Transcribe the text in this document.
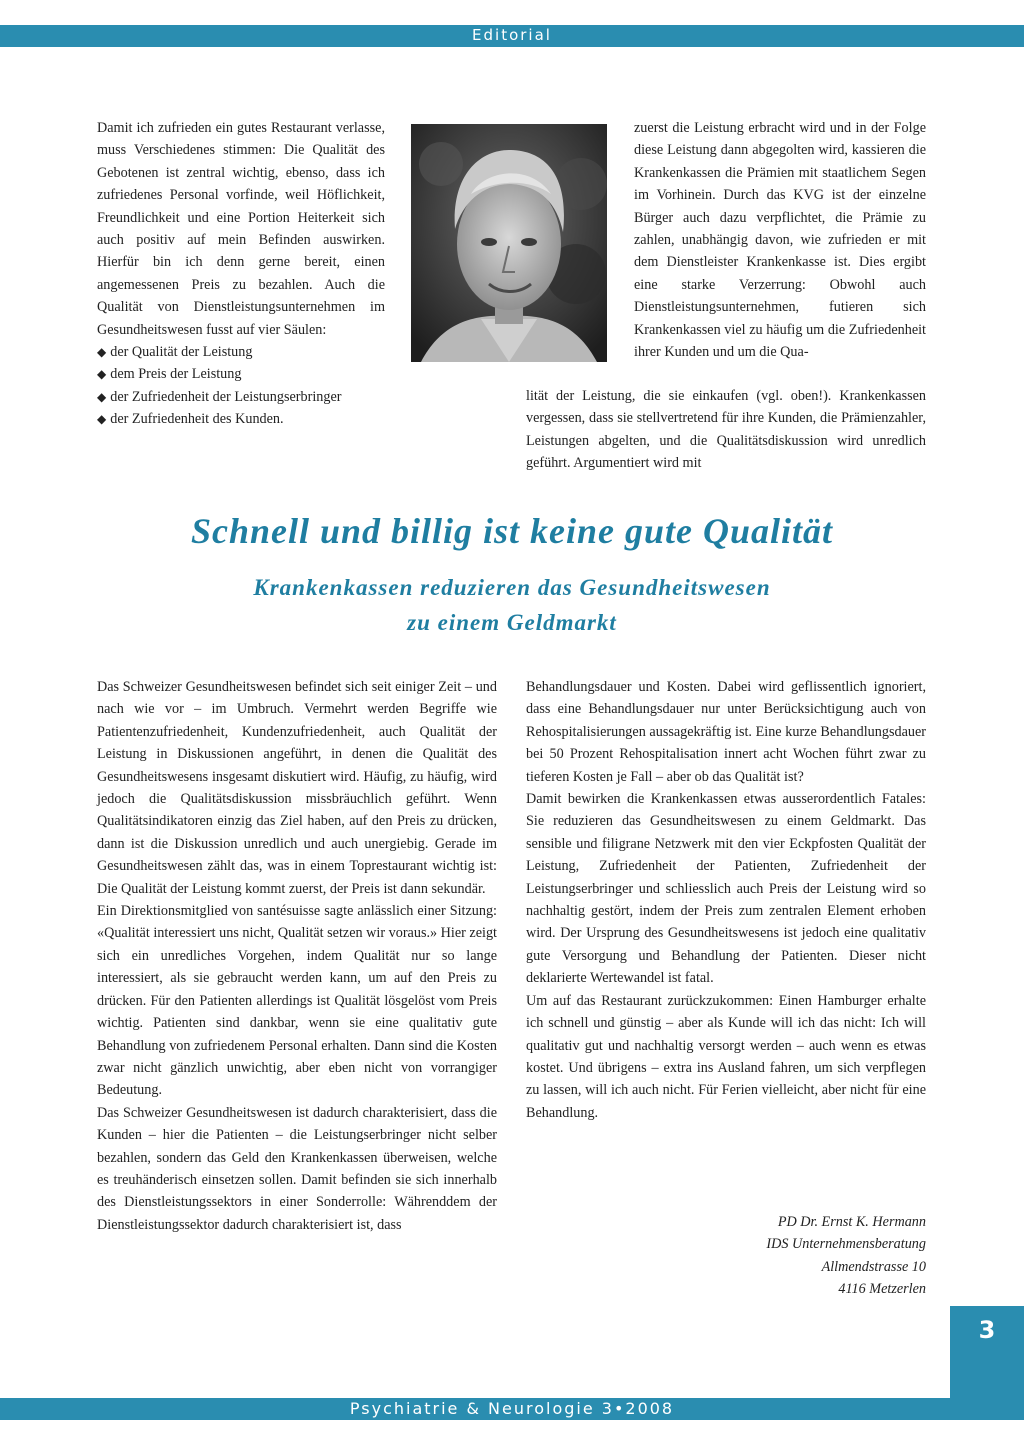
Editorial

Damit ich zufrieden ein gutes Restaurant verlasse, muss Verschiedenes stimmen: Die Qualität des Gebotenen ist zentral wichtig, ebenso, dass ich zufriedenes Personal vorfinde, weil Höflichkeit, Freundlichkeit und eine Portion Heiterkeit sich auch positiv auf mein Befinden auswirken. Hierfür bin ich denn gerne bereit, einen angemessenen Preis zu bezahlen. Auch die Qualität von Dienstleistungsunternehmen im Gesundheitswesen fusst auf vier Säulen:

◆ der Qualität der Leistung
◆ dem Preis der Leistung
◆ der Zufriedenheit der Leistungserbringer
◆ der Zufriedenheit des Kunden.

zuerst die Leistung erbracht wird und in der Folge diese Leistung dann abgegolten wird, kassieren die Krankenkassen die Prämien mit staatlichem Segen im Vorhinein. Durch das KVG ist der einzelne Bürger auch dazu verpflichtet, die Prämie zu zahlen, unabhängig davon, wie zufrieden er mit dem Dienstleister Krankenkasse ist. Dies ergibt eine starke Verzerrung: Obwohl auch Dienstleistungsunternehmen, futieren sich Krankenkassen viel zu häufig um die Zufriedenheit ihrer Kunden und um die Qua-

lität der Leistung, die sie einkaufen (vgl. oben!). Krankenkassen vergessen, dass sie stellvertretend für ihre Kunden, die Prämienzahler, Leistungen abgelten, und die Qualitätsdiskussion wird unredlich geführt. Argumentiert wird mit

Schnell und billig ist keine gute Qualität
Krankenkassen reduzieren das Gesundheitswesen
zu einem Geldmarkt

Das Schweizer Gesundheitswesen befindet sich seit einiger Zeit – und nach wie vor – im Umbruch. Vermehrt werden Begriffe wie Patientenzufriedenheit, Kundenzufriedenheit, auch Qualität der Leistung in Diskussionen angeführt, in denen die Qualität des Gesundheitswesens insgesamt diskutiert wird. Häufig, zu häufig, wird jedoch die Qualitätsdiskussion missbräuchlich geführt. Wenn Qualitätsindikatoren einzig das Ziel haben, auf den Preis zu drücken, dann ist die Diskussion unredlich und auch unergiebig. Gerade im Gesundheitswesen zählt das, was in einem Toprestaurant wichtig ist: Die Qualität der Leistung kommt zuerst, der Preis ist dann sekundär.

Ein Direktionsmitglied von santésuisse sagte anlässlich einer Sitzung: «Qualität interessiert uns nicht, Qualität setzen wir voraus.» Hier zeigt sich ein unredliches Vorgehen, indem Qualität nur so lange interessiert, als sie gebraucht werden kann, um auf den Preis zu drücken. Für den Patienten allerdings ist Qualität lösgelöst vom Preis wichtig. Patienten sind dankbar, wenn sie eine qualitativ gute Behandlung von zufriedenem Personal erhalten. Dann sind die Kosten zwar nicht gänzlich unwichtig, aber eben nicht von vorrangiger Bedeutung.

Das Schweizer Gesundheitswesen ist dadurch charakterisiert, dass die Kunden – hier die Patienten – die Leistungserbringer nicht selber bezahlen, sondern das Geld den Krankenkassen überweisen, welche es treuhänderisch einsetzen sollen. Damit befinden sie sich innerhalb des Dienstleistungssektors in einer Sonderrolle: Währenddem der Dienstleistungssektor dadurch charakterisiert ist, dass

Behandlungsdauer und Kosten. Dabei wird geflissentlich ignoriert, dass eine Behandlungsdauer nur unter Berücksichtigung auch von Rehospitalisierungen aussagekräftig ist. Eine kurze Behandlungsdauer bei 50 Prozent Rehospitalisation innert acht Wochen führt zwar zu tieferen Kosten je Fall – aber ob das Qualität ist?

Damit bewirken die Krankenkassen etwas ausserordentlich Fatales: Sie reduzieren das Gesundheitswesen zu einem Geldmarkt. Das sensible und filigrane Netzwerk mit den vier Eckpfosten Qualität der Leistung, Zufriedenheit der Patienten, Zufriedenheit der Leistungserbringer und schliesslich auch Preis der Leistung wird so nachhaltig gestört, indem der Preis zum zentralen Element erhoben wird. Der Ursprung des Gesundheitswesens ist jedoch eine qualitativ gute Versorgung und Behandlung der Patienten. Dieser nicht deklarierte Wertewandel ist fatal.

Um auf das Restaurant zurückzukommen: Einen Hamburger erhalte ich schnell und günstig – aber als Kunde will ich das nicht: Ich will qualitativ gut und nachhaltig versorgt werden – auch wenn es etwas kostet. Und übrigens – extra ins Ausland fahren, um sich verpflegen zu lassen, will ich auch nicht. Für Ferien vielleicht, aber nicht für eine Behandlung.

PD Dr. Ernst K. Hermann
IDS Unternehmensberatung
Allmendstrasse 10
4116 Metzerlen
3
Psychiatrie & Neurologie 3•2008
